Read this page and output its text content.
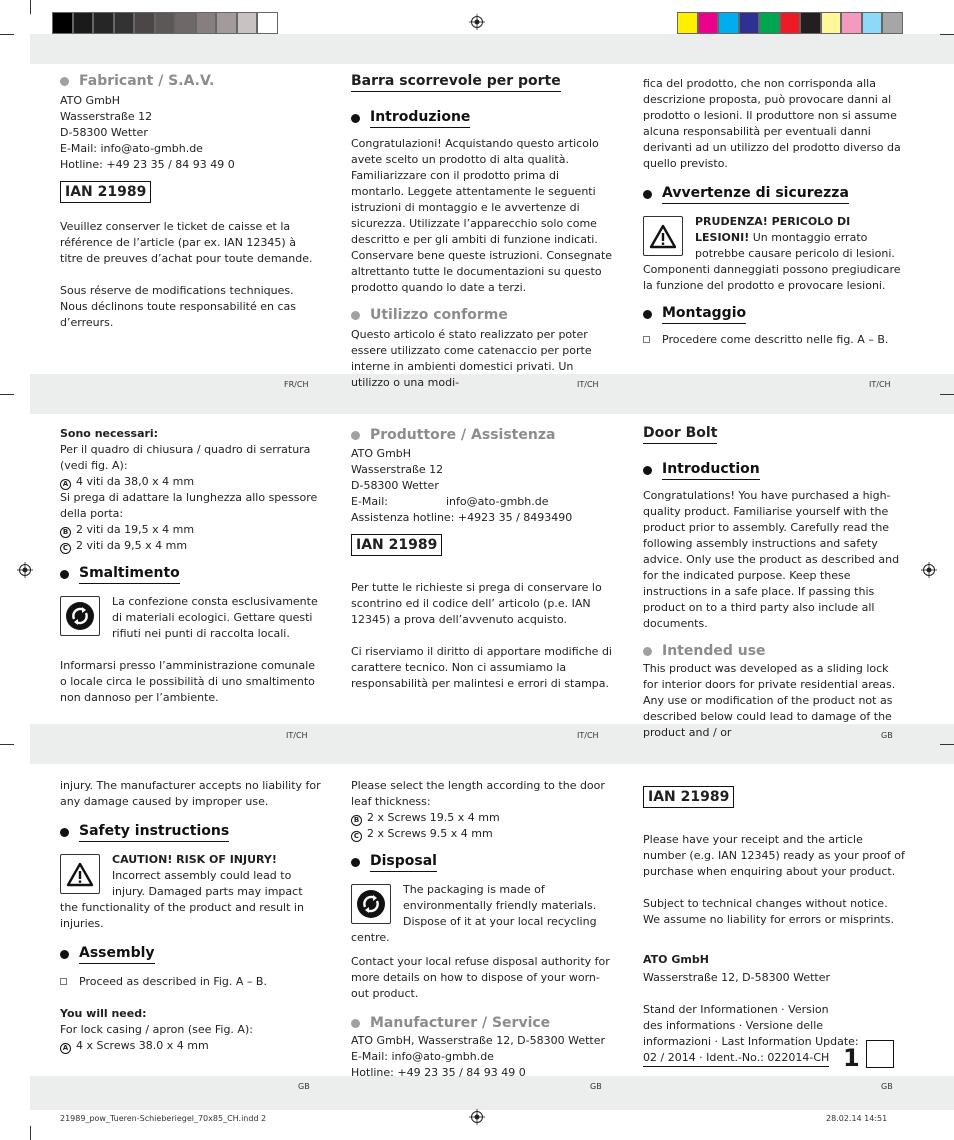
FR/CH	IT/CH	IT/CH
IT/CH	IT/CH	GB
GB	GB	GB
21989_pow_Tueren-Schieberiegel_70x85_CH.indd 2	28.02.14 14:51
1
Fabricant / S.A.V.

ATO GmbH

Wasserstraße 12

D-58300 Wetter

E-Mail: info@ato-gmbh.de

Hotline: +49 23 35 / 84 93 49 0

IAN 21989

Veuillez conserver le ticket de caisse et la référence de l’article (par ex. IAN 12345) à titre de preuves d’achat pour toute demande.

Sous réserve de modifications techniques. Nous déclinons toute responsabilité en cas d’erreurs.

Barra scorrevole per porte
Introduzione

Congratulazioni! Acquistando questo articolo avete scelto un prodotto di alta qualità. Familiarizzare con il prodotto prima di montarlo. Leggete attentamente le seguenti istruzioni di montaggio e le avvertenze di sicurezza. Utilizzate l’apparecchio solo come descritto e per gli ambiti di funzione indicati. Conservare bene queste istruzioni. Consegnate altrettanto tutte le documentazioni su questo prodotto quando lo date a terzi.

Utilizzo conforme

Questo articolo é stato realizzato per poter essere utilizzato come catenaccio per porte interne in ambienti domestici privati. Un utilizzo o una modi-

fica del prodotto, che non corrisponda alla descrizione proposta, può provocare danni al prodotto o lesioni. Il produttore non si assume alcuna responsabilità per eventuali danni derivanti ad un utilizzo del prodotto diverso da quello previsto.

Avvertenze di sicurezza

PRUDENZA! PERICOLO DI LESIONI! Un montaggio errato potrebbe causare pericolo di lesioni. Componenti danneggiati possono pregiudicare la funzione del prodotto e provocare lesioni.

Montaggio

Procedere come descritto nelle fig. A – B.

Sono necessari:

Per il quadro di chiusura / quadro di serratura (vedi fig. A):

A 4 viti da 38,0 x 4 mm

Si prega di adattare la lunghezza allo spessore della porta:

B 2 viti da 19,5 x 4 mm

C 2 viti da 9,5 x 4 mm

Smaltimento

La confezione consta esclusivamente di materiali ecologici. Gettare questi rifiuti nei punti di raccolta locali.

Informarsi presso l’amministrazione comunale o locale circa le possibilità di uno smaltimento non dannoso per l’ambiente.

Produttore / Assistenza

ATO GmbH

Wasserstraße 12

D-58300 Wetter

E-Mail:	info@ato-gmbh.de

Assistenza hotline: +4923 35 / 8493490

IAN 21989

Per tutte le richieste si prega di conservare lo scontrino ed il codice dell’ articolo (p.e. IAN 12345) a prova dell’avvenuto acquisto.

Ci riserviamo il diritto di apportare modifiche di carattere tecnico. Non ci assumiamo la responsabilità per malintesi e errori di stampa.

Door Bolt
Introduction

Congratulations! You have purchased a high-quality product. Familiarise yourself with the product prior to assembly. Carefully read the following assembly instructions and safety advice. Only use the product as described and for the indicated purpose. Keep these instructions in a safe place. If passing this product on to a third party also include all documents.

Intended use

This product was developed as a sliding lock for interior doors for private residential areas. Any use or modification of the product not as described below could lead to damage of the product and / or

injury. The manufacturer accepts no liability for any damage caused by improper use.

Safety instructions

CAUTION! RISK OF INJURY! Incorrect assembly could lead to injury. Damaged parts may impact the functionality of the product and result in injuries.

Assembly

Proceed as described in Fig. A – B.

You will need:

For lock casing / apron (see Fig. A):

A 4 x Screws 38.0 x 4 mm

Please select the length according to the door leaf thickness:

B 2 x Screws 19.5 x 4 mm

C 2 x Screws 9.5 x 4 mm

Disposal

The packaging is made of environmentally friendly materials. Dispose of it at your local recycling centre.

Contact your local refuse disposal authority for more details on how to dispose of your worn-out product.

Manufacturer / Service

ATO GmbH, Wasserstraße 12, D-58300 Wetter

E-Mail: info@ato-gmbh.de

Hotline: +49 23 35 / 84 93 49 0

IAN 21989

Please have your receipt and the article number (e.g. IAN 12345) ready as your proof of purchase when enquiring about your product.

Subject to technical changes without notice. We assume no liability for errors or misprints.

ATO GmbH

Wasserstraße 12, D-58300 Wetter

Stand der Informationen · Version

des informations · Versione delle

informazioni · Last Information Update:

02 / 2014 · Ident.-No.: 022014-CH
